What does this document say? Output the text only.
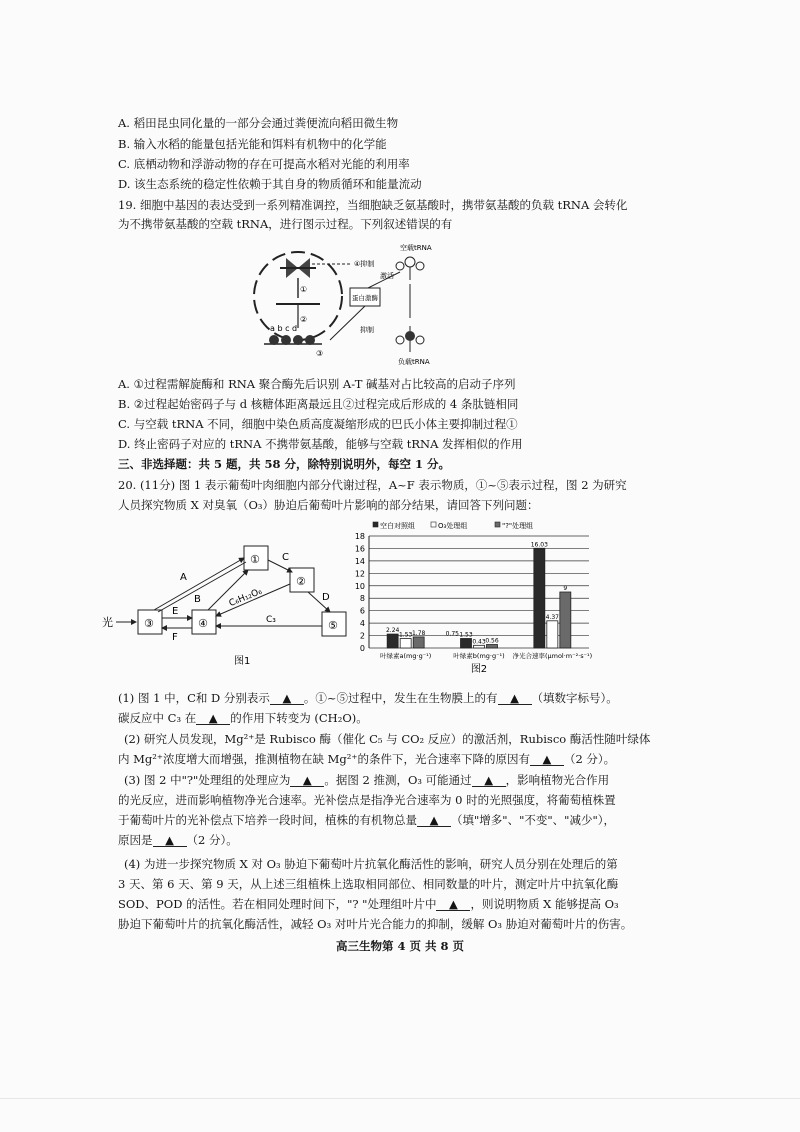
A. 稻田昆虫同化量的一部分会通过粪便流向稻田微生物
B. 输入水稻的能量包括光能和饵料有机物中的化学能
C. 底栖动物和浮游动物的存在可提高水稻对光能的利用率
D. 该生态系统的稳定性依赖于其自身的物质循环和能量流动
19. 细胞中基因的表达受到一系列精准调控，当细胞缺乏氨基酸时，携带氨基酸的负载 tRNA 会转化
为不携带氨基酸的空载 tRNA，进行图示过程。下列叙述错误的有
①
②
a b c d
③
蛋白激酶
④抑制
激活
抑制
空载tRNA
负载tRNA
A. ①过程需解旋酶和 RNA 聚合酶先后识别 A-T 碱基对占比较高的启动子序列
B. ②过程起始密码子与 d 核糖体距离最远且②过程完成后形成的 4 条肽链相同
C. 与空载 tRNA 不同，细胞中染色质高度凝缩形成的巴氏小体主要抑制过程①
D. 终止密码子对应的 tRNA 不携带氨基酸，能够与空载 tRNA 发挥相似的作用
三、非选择题：共 5 题，共 58 分，除特别说明外，每空 1 分。
20. (11分) 图 1 表示葡萄叶肉细胞内部分代谢过程，A~F 表示物质，①~⑤表示过程，图 2 为研究
人员探究物质 X 对臭氧（O₃）胁迫后葡萄叶片影响的部分结果，请回答下列问题：
光	③	④
①
②
⑤
A
E
F
B
C
C₆H₁₂O₆	D
C₃
图1
0
2
4
6
8
10
12
14
16
18
空白对照组	O₃处理组	"?"处理组
2.24
1.53 1.78
叶绿素a(mg·g⁻¹)
1.53
0.43 0.56
叶绿素b(mg·g⁻¹)
16.03
4.37
9
净光合速率(μmol·m⁻²·s⁻¹)
0.75
图2
(1) 图 1 中，C和 D 分别表示 ▲ 。①~⑤过程中，发生在生物膜上的有 ▲ （填数字标号）。
碳反应中 C₃ 在 ▲ 的作用下转变为 (CH₂O)。
(2) 研究人员发现，Mg²⁺是 Rubisco 酶（催化 C₅ 与 CO₂ 反应）的激活剂，Rubisco 酶活性随叶绿体
内 Mg²⁺浓度增大而增强，推测植物在缺 Mg²⁺的条件下，光合速率下降的原因有 ▲ （2 分）。
(3) 图 2 中"?"处理组的处理应为 ▲ 。据图 2 推测，O₃ 可能通过 ▲ ，影响植物光合作用
的光反应，进而影响植物净光合速率。光补偿点是指净光合速率为 0 时的光照强度，将葡萄植株置
于葡萄叶片的光补偿点下培养一段时间，植株的有机物总量 ▲ （填"增多"、"不变"、"减少"），
原因是 ▲ （2 分）。
(4) 为进一步探究物质 X 对 O₃ 胁迫下葡萄叶片抗氧化酶活性的影响，研究人员分别在处理后的第
3 天、第 6 天、第 9 天，从上述三组植株上选取相同部位、相同数量的叶片，测定叶片中抗氧化酶
SOD、POD 的活性。若在相同处理时间下，"? "处理组叶片中 ▲ ，则说明物质 X 能够提高 O₃
胁迫下葡萄叶片的抗氧化酶活性，减轻 O₃ 对叶片光合能力的抑制，缓解 O₃ 胁迫对葡萄叶片的伤害。
高三生物第 4 页 共 8 页
